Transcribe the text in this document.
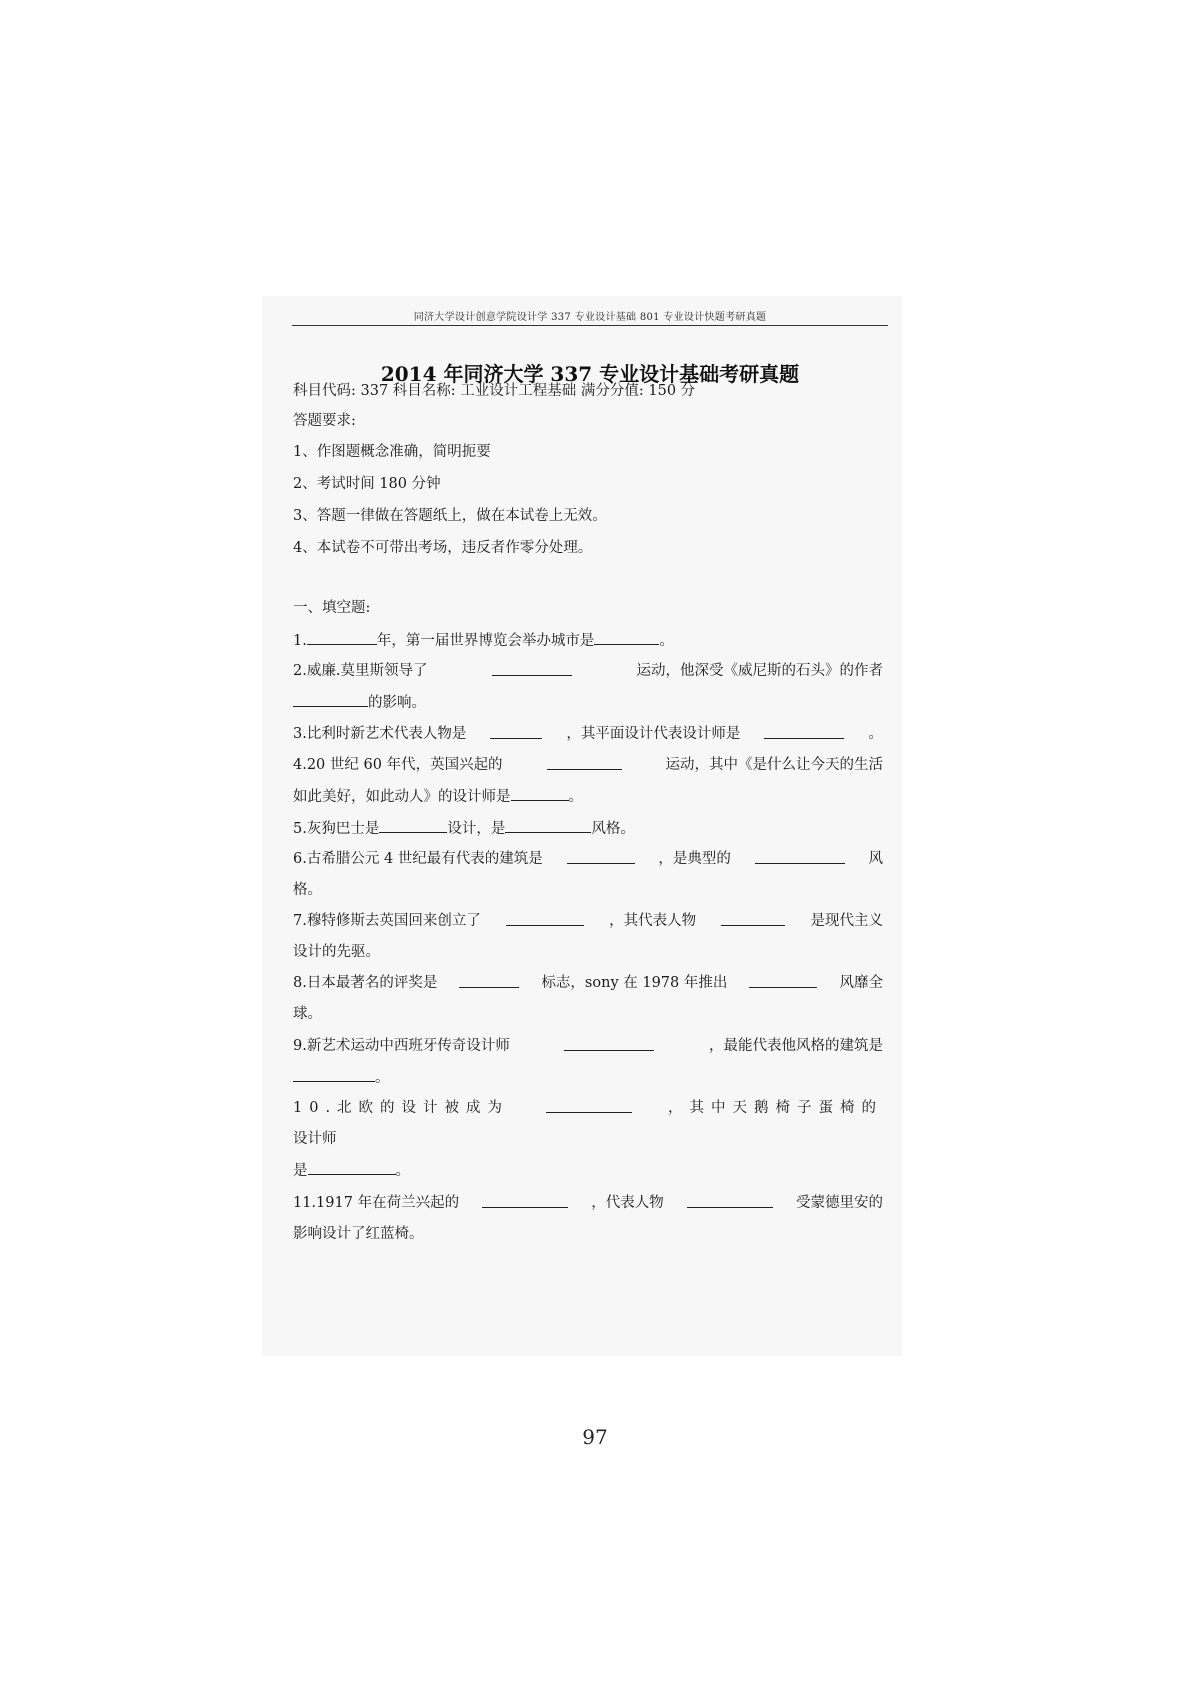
同济大学设计创意学院设计学 337 专业设计基础 801 专业设计快题考研真题
2014 年同济大学 337 专业设计基础考研真题
科目代码: 337 科目名称: 工业设计工程基础 满分分值: 150 分
答题要求:
1、作图题概念准确，简明扼要
2、考试时间 180 分钟
3、答题一律做在答题纸上，做在本试卷上无效。
4、本试卷不可带出考场，违反者作零分处理。
一、填空题:
1.	年，第一届世界博览会举办城市是	。
2.威廉.莫里斯领导了	运动，他深受《威尼斯的石头》的作者
的影响。
3.比利时新艺术代表人物是	，其平面设计代表设计师是	。
4.20 世纪 60 年代，英国兴起的	运动，其中《是什么让今天的生活
如此美好，如此动人》的设计师是	。
5.灰狗巴士是	设计，是	风格。
6.古希腊公元 4 世纪最有代表的建筑是	，是典型的	风
格。
7.穆特修斯去英国回来创立了	，其代表人物	是现代主义
设计的先驱。
8.日本最著名的评奖是	标志，sony 在 1978 年推出	风靡全
球。
9.新艺术运动中西班牙传奇设计师	，最能代表他风格的建筑是
。
10.北欧的设计被成为	，其中天鹅椅子蛋椅的
设计师
是	。
11.1917 年在荷兰兴起的	，代表人物	受蒙德里安的
影响设计了红蓝椅。
97
